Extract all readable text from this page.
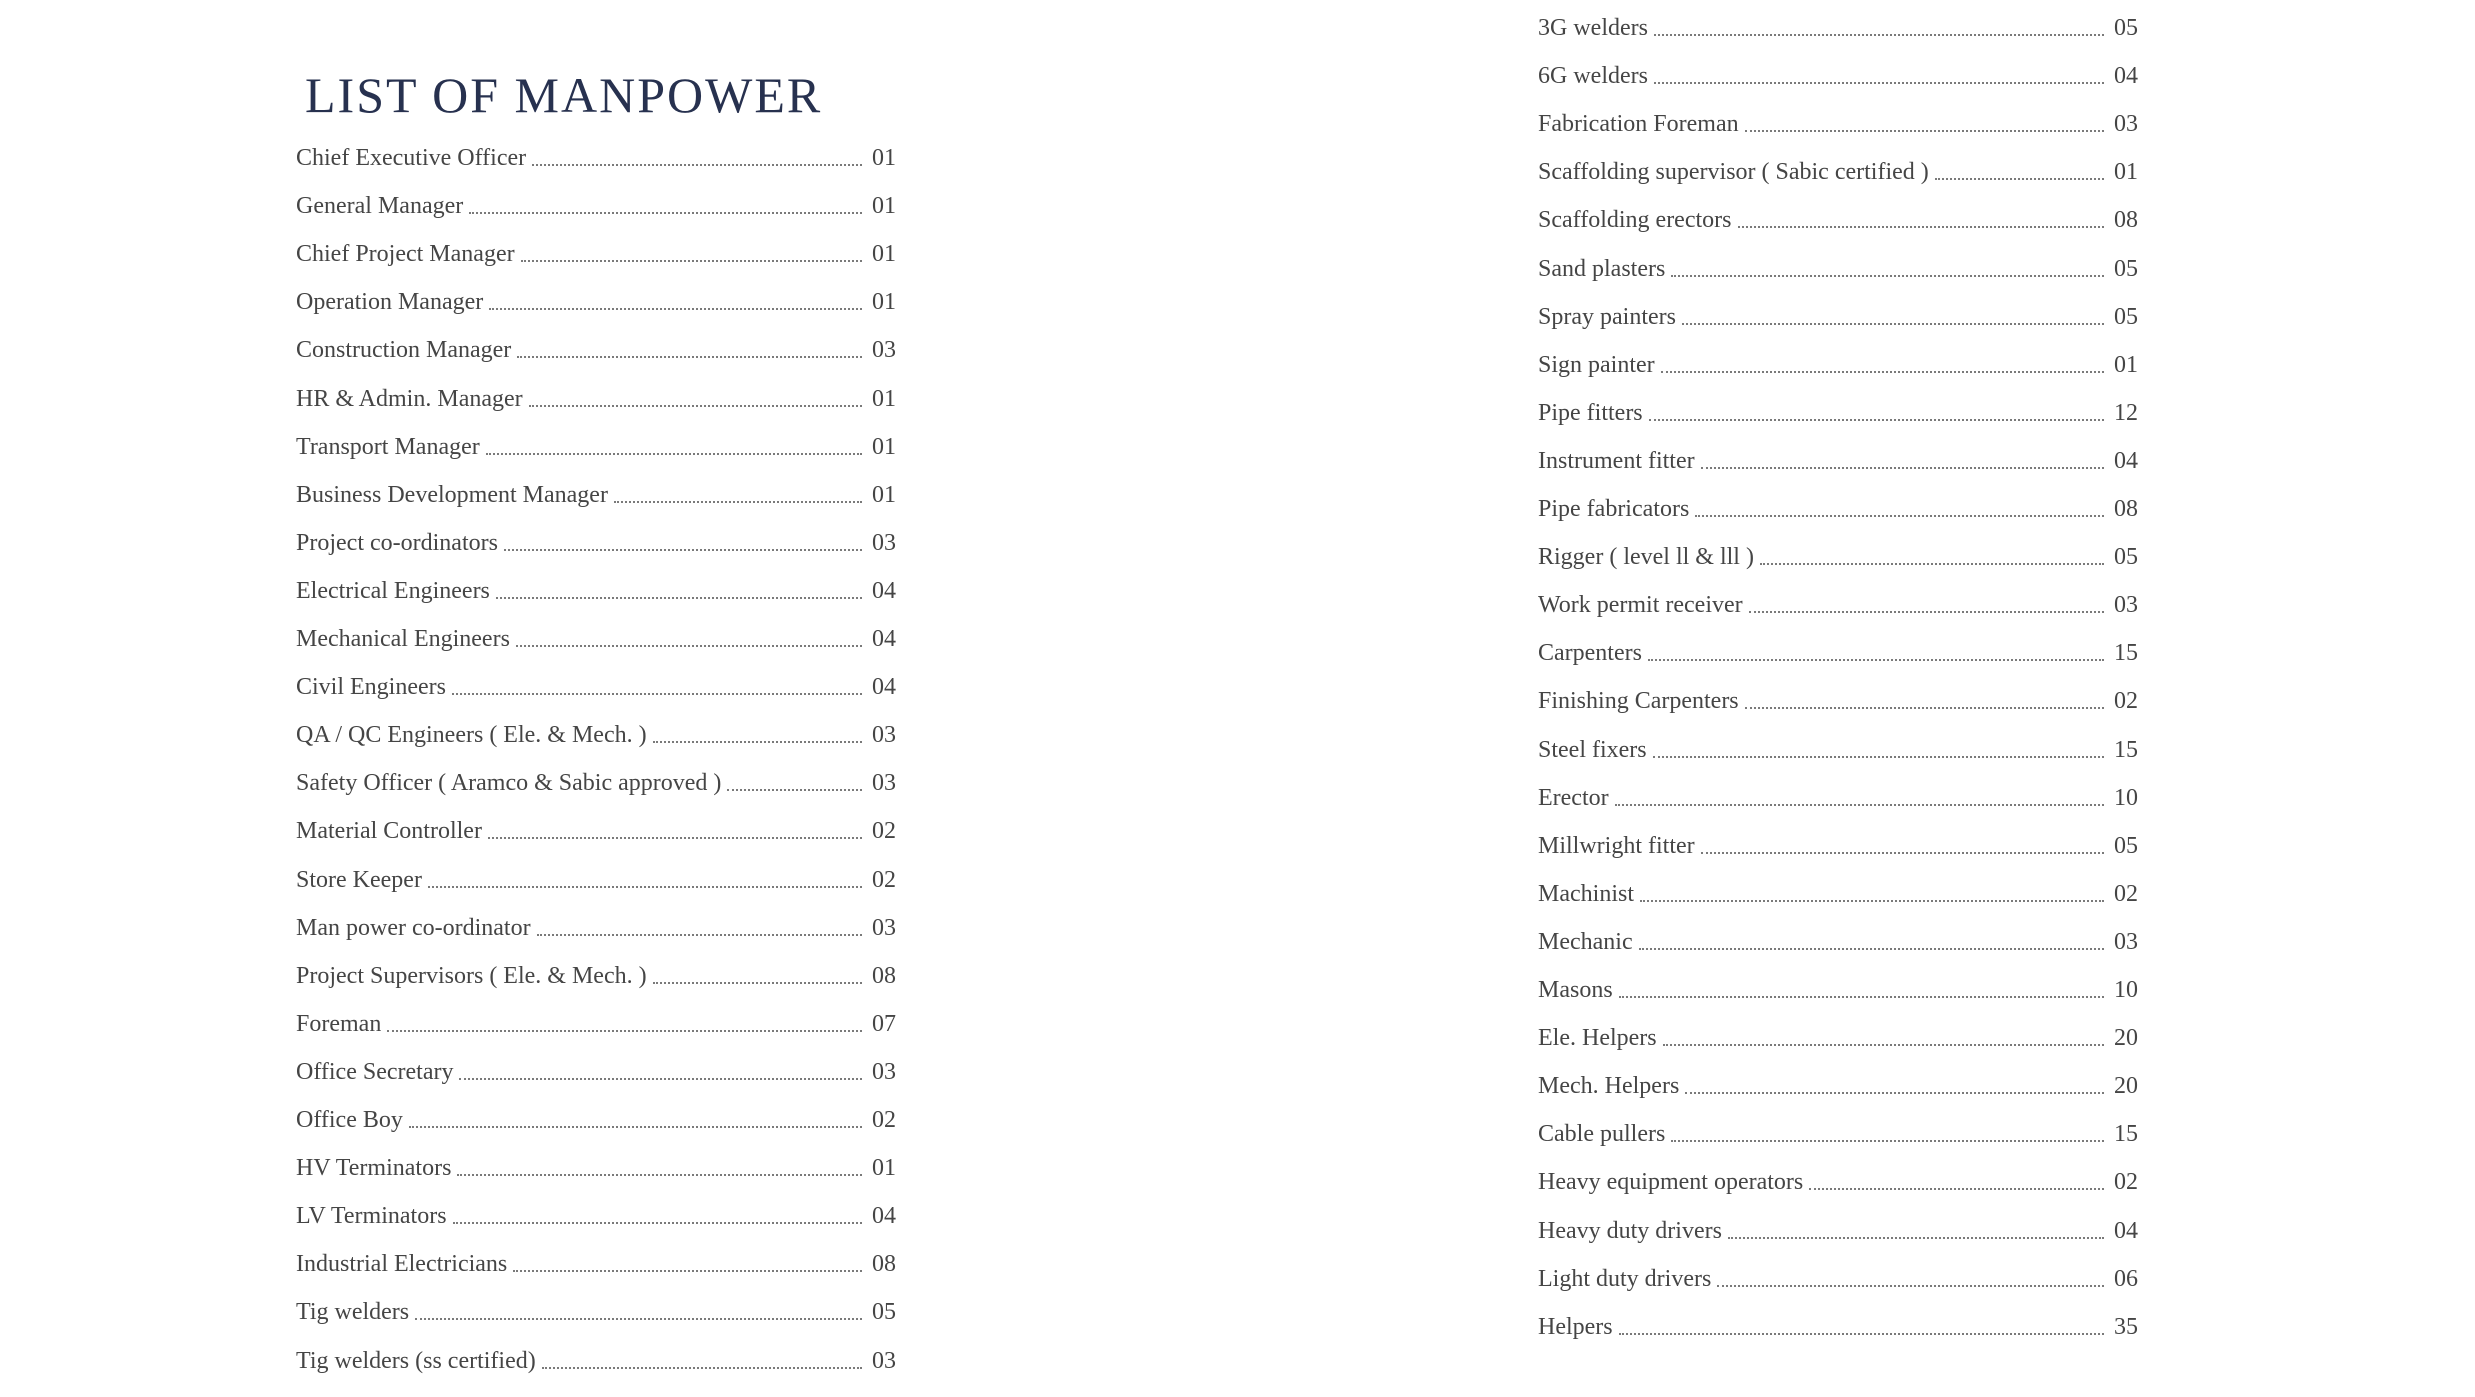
LIST OF MANPOWER
Chief Executive Officer	01
General Manager	01
Chief Project Manager	01
Operation Manager	01
Construction Manager	03
HR & Admin. Manager	01
Transport Manager	01
Business Development Manager	01
Project co-ordinators	03
Electrical Engineers	04
Mechanical Engineers	04
Civil Engineers	04
QA / QC Engineers ( Ele. & Mech. )	03
Safety Officer ( Aramco & Sabic approved )	03
Material Controller	02
Store Keeper	02
Man power co-ordinator	03
Project Supervisors ( Ele. & Mech. )	08
Foreman	07
Office Secretary	03
Office Boy	02
HV Terminators	01
LV Terminators	04
Industrial Electricians	08
Tig welders	05
Tig welders (ss certified)	03
3G welders	05
6G welders	04
Fabrication Foreman	03
Scaffolding supervisor ( Sabic certified )	01
Scaffolding erectors	08
Sand plasters	05
Spray painters	05
Sign painter	01
Pipe fitters	12
Instrument fitter	04
Pipe fabricators	08
Rigger ( level ll & lll )	05
Work permit receiver	03
Carpenters	15
Finishing Carpenters	02
Steel fixers	15
Erector	10
Millwright fitter	05
Machinist	02
Mechanic	03
Masons	10
Ele. Helpers	20
Mech. Helpers	20
Cable pullers	15
Heavy equipment operators	02
Heavy duty drivers	04
Light duty drivers	06
Helpers	35
